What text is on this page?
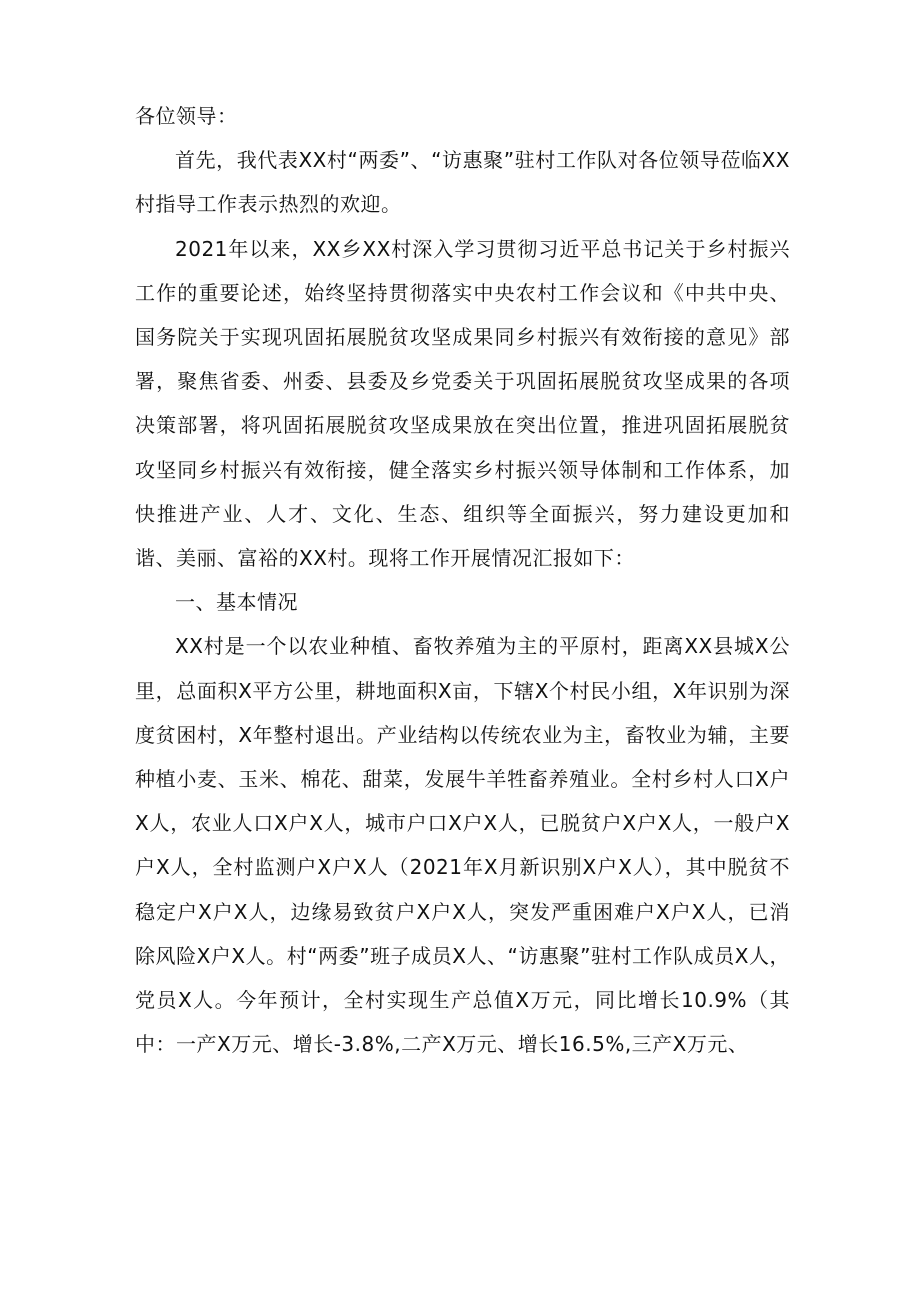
各位领导：

首先，我代表XX村“两委”、“访惠聚”驻村工作队对各位领导莅临XX村指导工作表示热烈的欢迎。

2021年以来，XX乡XX村深入学习贯彻习近平总书记关于乡村振兴工作的重要论述，始终坚持贯彻落实中央农村工作会议和《中共中央、国务院关于实现巩固拓展脱贫攻坚成果同乡村振兴有效衔接的意见》部署，聚焦省委、州委、县委及乡党委关于巩固拓展脱贫攻坚成果的各项决策部署，将巩固拓展脱贫攻坚成果放在突出位置，推进巩固拓展脱贫攻坚同乡村振兴有效衔接，健全落实乡村振兴领导体制和工作体系，加快推进产业、人才、文化、生态、组织等全面振兴，努力建设更加和谐、美丽、富裕的XX村。现将工作开展情况汇报如下：

一、基本情况

XX村是一个以农业种植、畜牧养殖为主的平原村，距离XX县城X公里，总面积X平方公里，耕地面积X亩，下辖X个村民小组，X年识别为深度贫困村，X年整村退出。产业结构以传统农业为主，畜牧业为辅，主要种植小麦、玉米、棉花、甜菜，发展牛羊牲畜养殖业。全村乡村人口X户X人，农业人口X户X人，城市户口X户X人，已脱贫户X户X人，一般户X户X人，全村监测户X户X人（2021年X月新识别X户X人），其中脱贫不稳定户X户X人，边缘易致贫户X户X人，突发严重困难户X户X人，已消除风险X户X人。村“两委”班子成员X人、“访惠聚”驻村工作队成员X人，党员X人。今年预计，全村实现生产总值X万元，同比增长10.9%（其中：一产X万元、增长-3.8%,二产X万元、增长16.5%,三产X万元、
